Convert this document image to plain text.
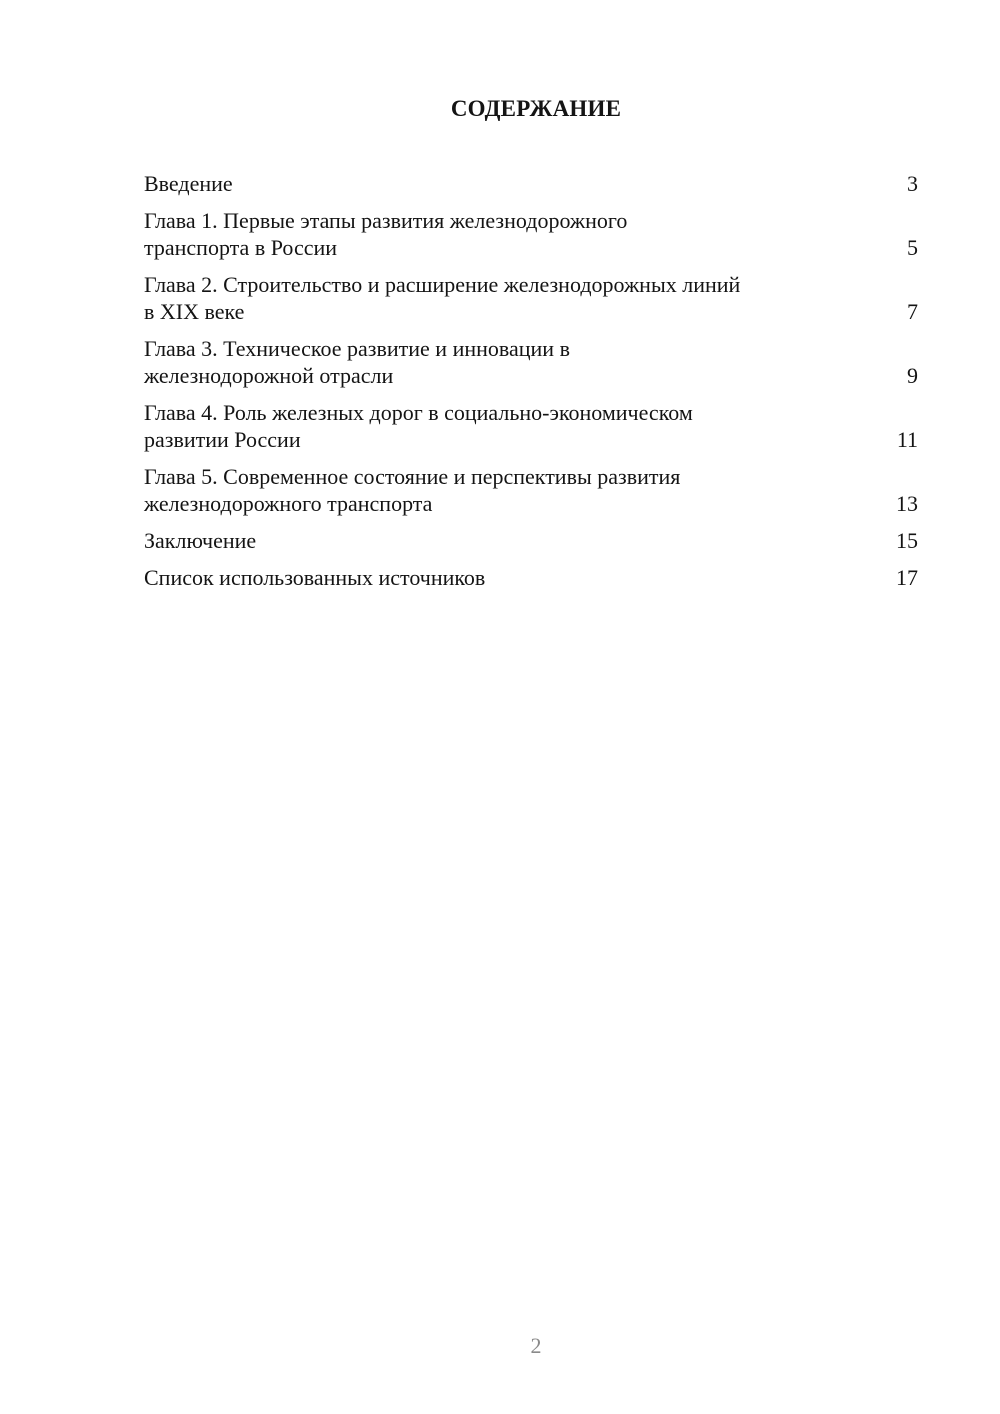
СОДЕРЖАНИЕ
Введение	3
Глава 1. Первые этапы развития железнодорожного
транспорта в России	5
Глава 2. Строительство и расширение железнодорожных линий
в XIX веке	7
Глава 3. Техническое развитие и инновации в
железнодорожной отрасли	9
Глава 4. Роль железных дорог в социально-экономическом
развитии России	11
Глава 5. Современное состояние и перспективы развития
железнодорожного транспорта	13
Заключение	15
Список использованных источников	17
2
